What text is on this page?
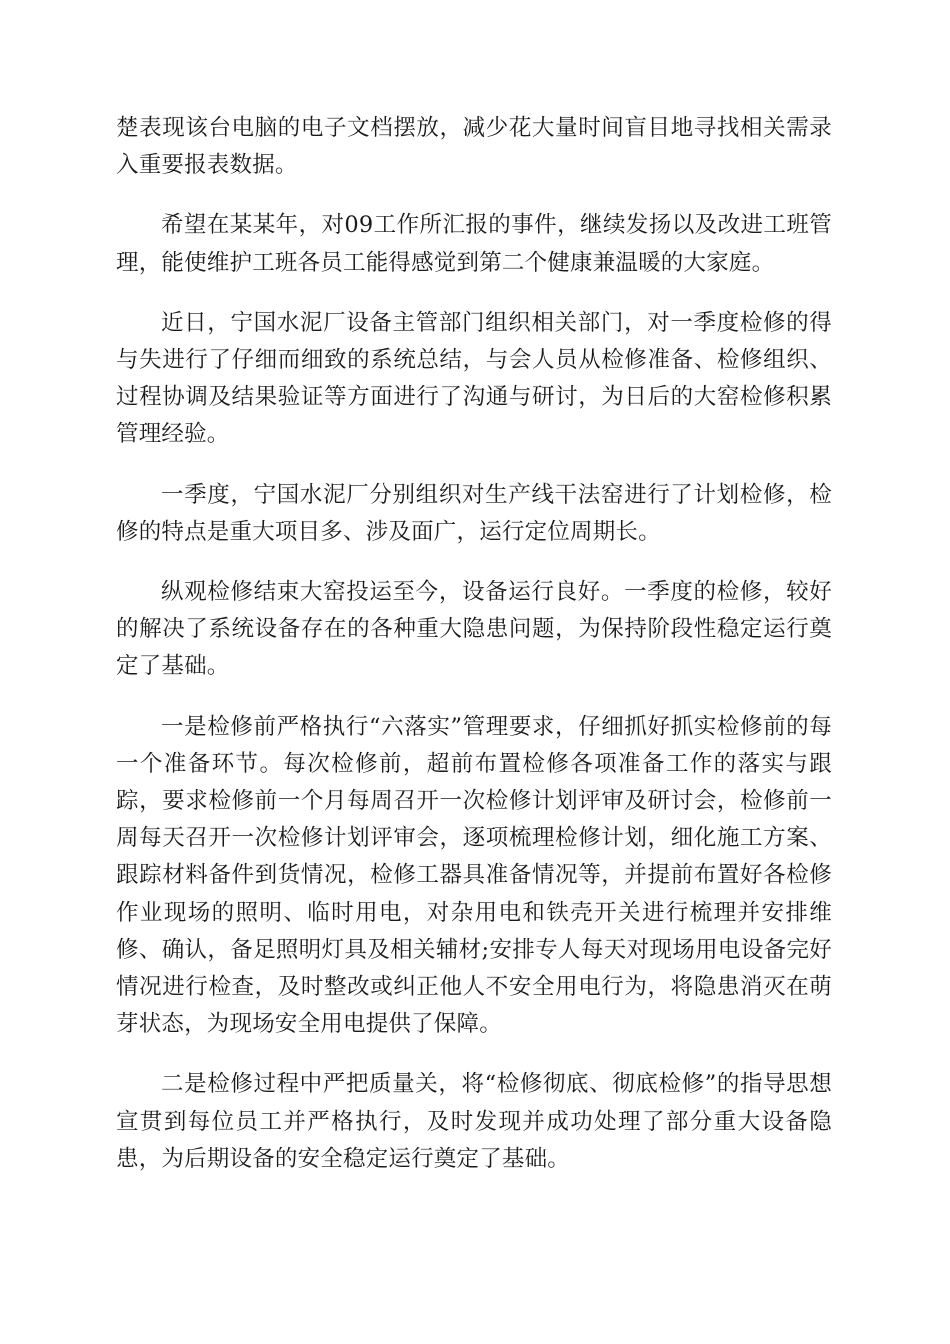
楚表现该台电脑的电子文档摆放，减少花大量时间盲目地寻找相关需录入重要报表数据。

希望在某某年，对09工作所汇报的事件，继续发扬以及改进工班管理，能使维护工班各员工能得感觉到第二个健康兼温暖的大家庭。

近日，宁国水泥厂设备主管部门组织相关部门，对一季度检修的得与失进行了仔细而细致的系统总结，与会人员从检修准备、检修组织、过程协调及结果验证等方面进行了沟通与研讨，为日后的大窑检修积累管理经验。

一季度，宁国水泥厂分别组织对生产线干法窑进行了计划检修，检修的特点是重大项目多、涉及面广，运行定位周期长。

纵观检修结束大窑投运至今，设备运行良好。一季度的检修，较好的解决了系统设备存在的各种重大隐患问题，为保持阶段性稳定运行奠定了基础。

一是检修前严格执行“六落实”管理要求，仔细抓好抓实检修前的每一个准备环节。每次检修前，超前布置检修各项准备工作的落实与跟踪，要求检修前一个月每周召开一次检修计划评审及研讨会，检修前一周每天召开一次检修计划评审会，逐项梳理检修计划，细化施工方案、跟踪材料备件到货情况，检修工器具准备情况等，并提前布置好各检修作业现场的照明、临时用电，对杂用电和铁壳开关进行梳理并安排维修、确认，备足照明灯具及相关辅材;安排专人每天对现场用电设备完好情况进行检查，及时整改或纠正他人不安全用电行为，将隐患消灭在萌芽状态，为现场安全用电提供了保障。

二是检修过程中严把质量关，将“检修彻底、彻底检修”的指导思想宣贯到每位员工并严格执行，及时发现并成功处理了部分重大设备隐患，为后期设备的安全稳定运行奠定了基础。
